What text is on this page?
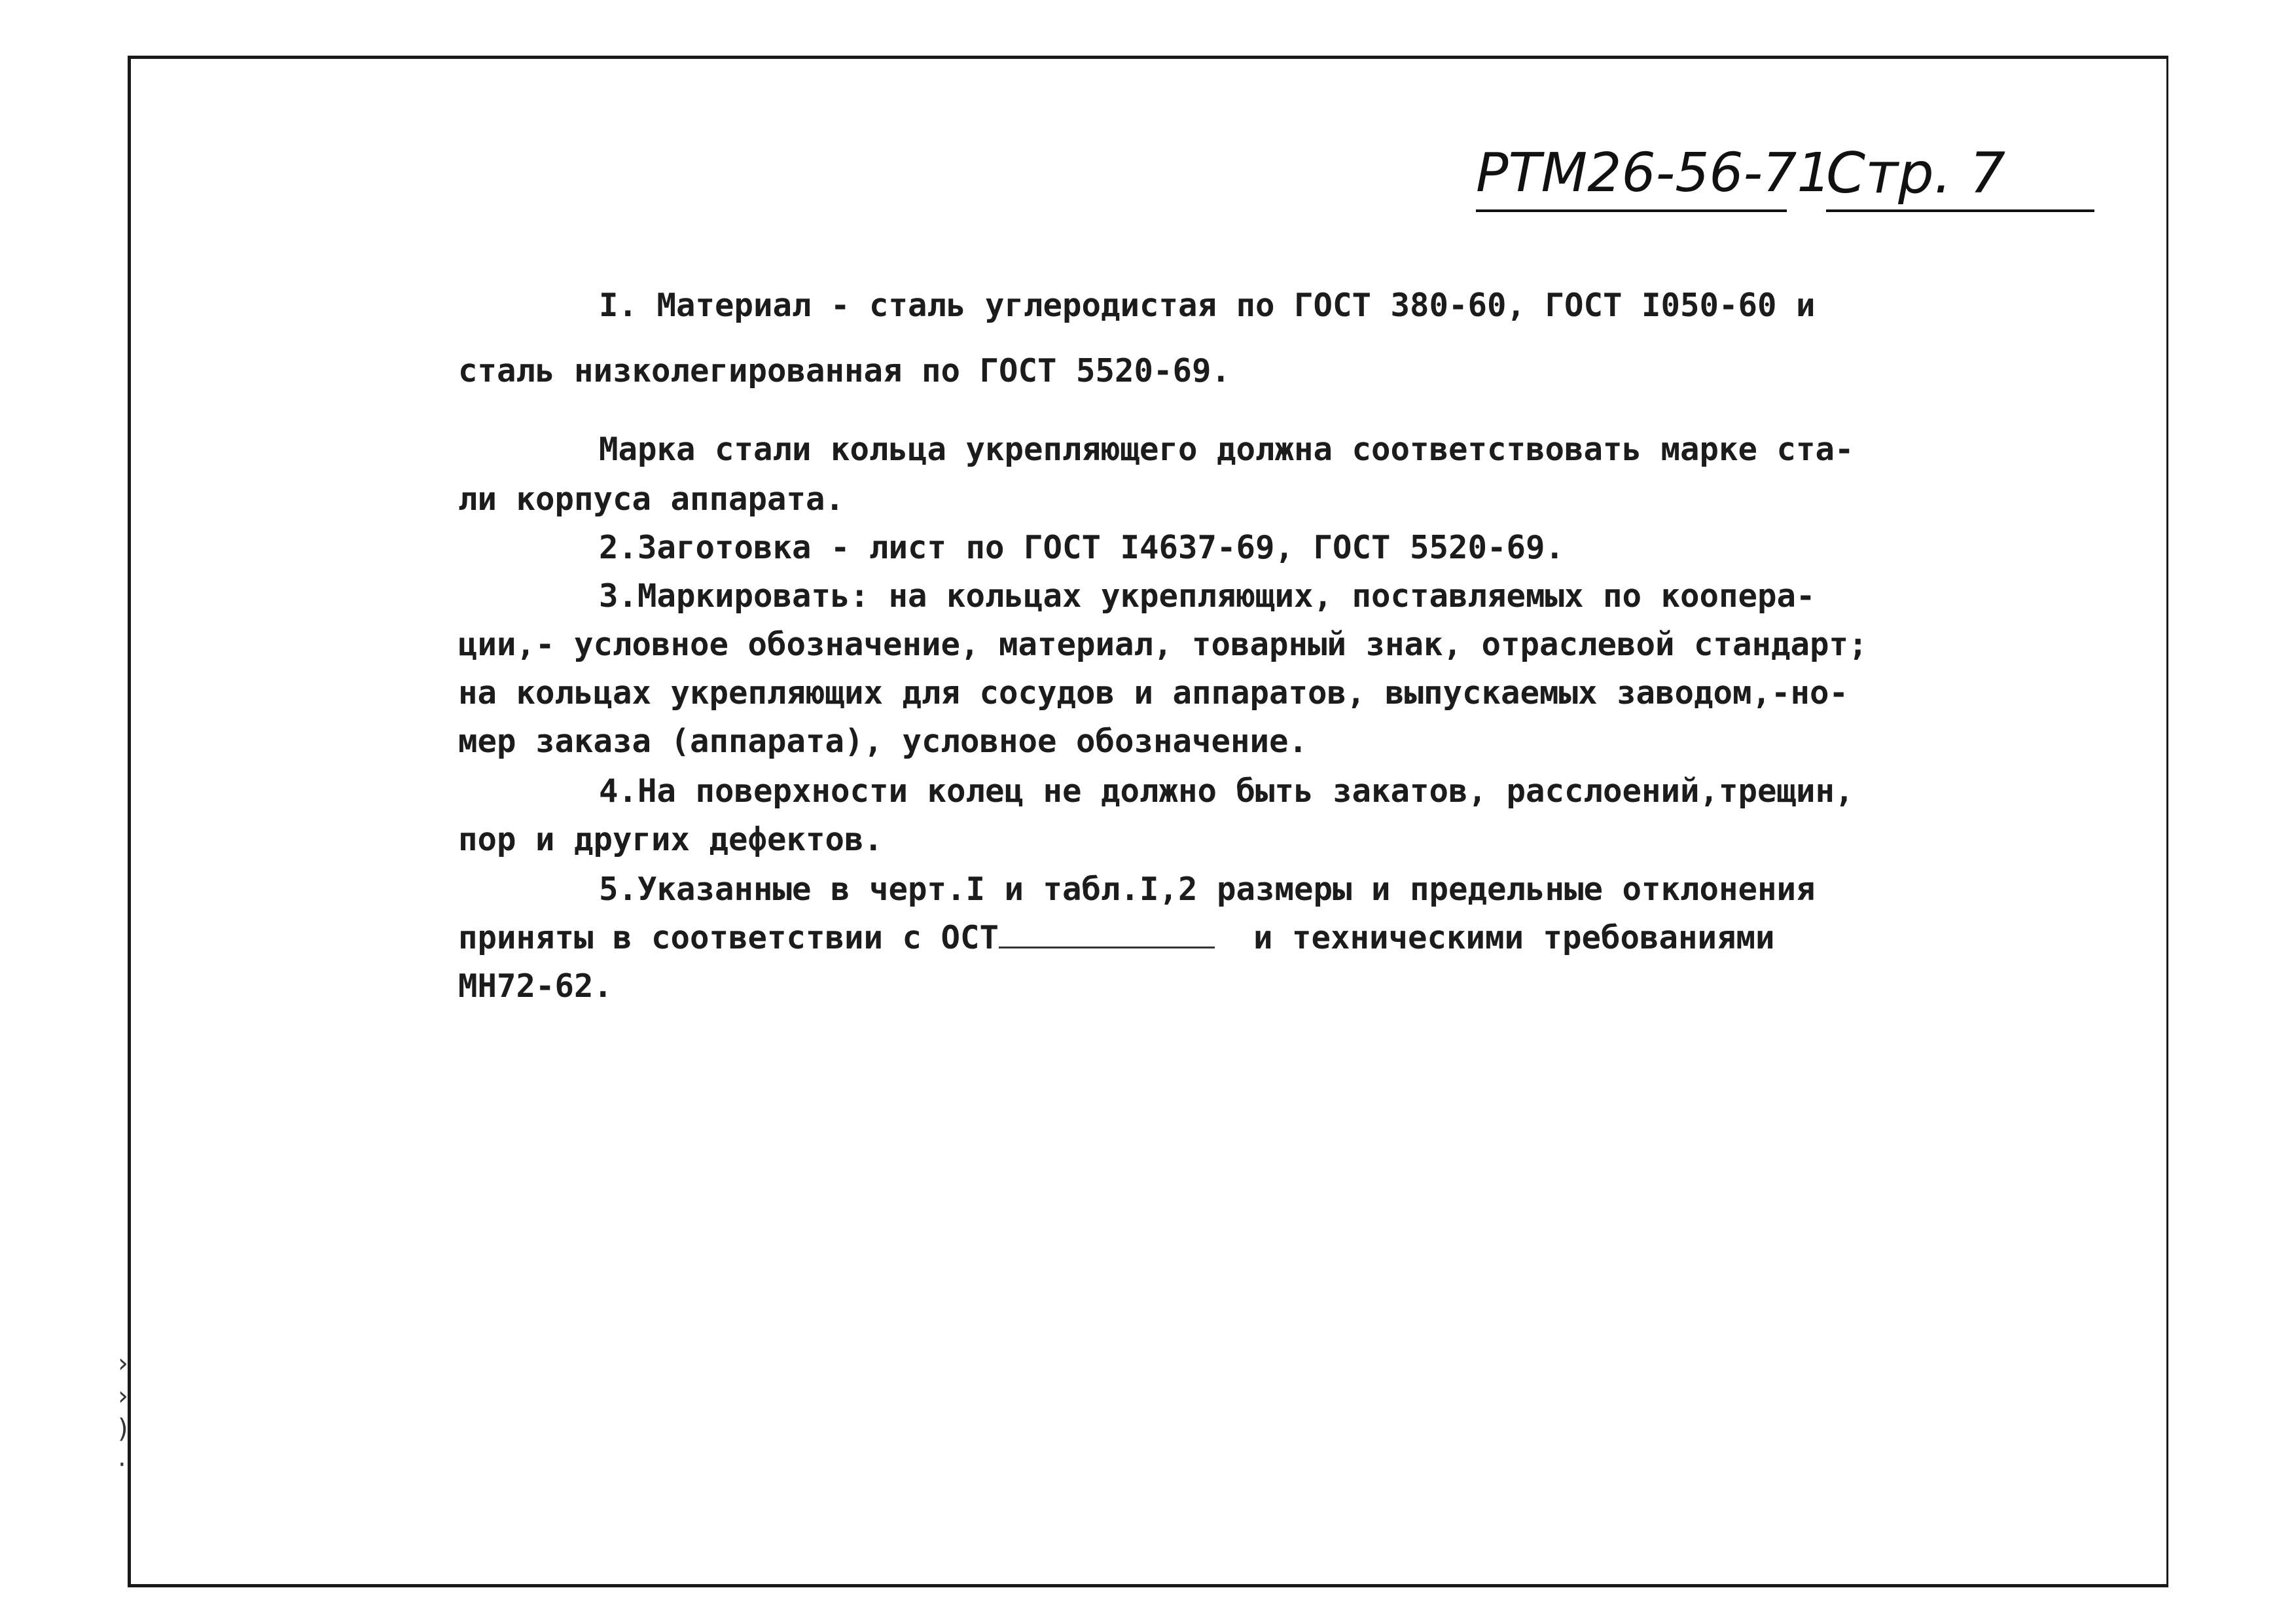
РТМ26-56-71
Стр. 7
I. Материал - сталь углеродистая по ГОСТ 380-60, ГОСТ I050-60 и
сталь низколегированная по ГОСТ 5520-69.
Марка стали кольца укрепляющего должна соответствовать марке ста-
ли корпуса аппарата.
2.Заготовка - лист по ГОСТ I4637-69, ГОСТ 5520-69.
3.Маркировать: на кольцах укрепляющих, поставляемых по коопера-
ции,- условное обозначение, материал, товарный знак, отраслевой стандарт;
на кольцах укрепляющих для сосудов и аппаратов, выпускаемых заводом,-но-
мер заказа (аппарата), условное обозначение.
4.На поверхности колец не должно быть закатов, расслоений,трещин,
пор и других дефектов.
5.Указанные в черт.I и табл.I,2 размеры и предельные отклонения
приняты в соответствии с ОСТ	и техническими требованиями
МН72-62.
›
›
)
·
